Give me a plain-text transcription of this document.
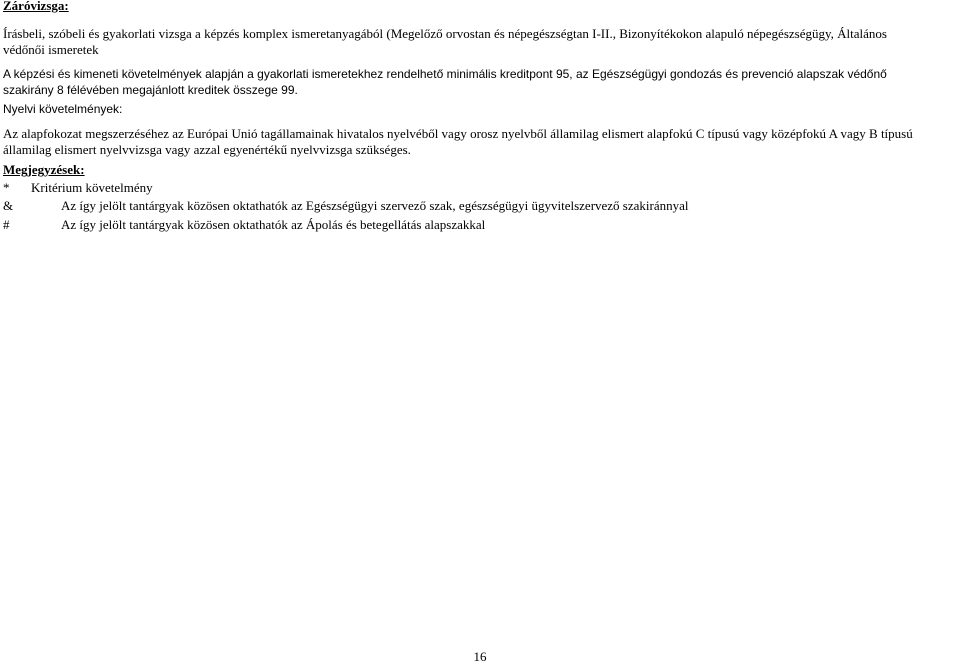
Záróvizsga:
Írásbeli, szóbeli és gyakorlati vizsga a képzés komplex ismeretanyagából (Megelőző orvostan és népegészségtan I-II., Bizonyítékokon alapuló népegészségügy, Általános
védőnői ismeretek
A képzési és kimeneti követelmények alapján a gyakorlati ismeretekhez rendelhető minimális kreditpont 95, az Egészségügyi gondozás és prevenció alapszak védőnő
szakirány 8 félévében megajánlott kreditek összege 99.
Nyelvi követelmények:
Az alapfokozat megszerzéséhez az Európai Unió tagállamainak hivatalos nyelvéből vagy orosz nyelvből államilag elismert alapfokú C típusú vagy középfokú A vagy B típusú
államilag elismert nyelvvizsga vagy azzal egyenértékű nyelvvizsga szükséges.
Megjegyzések:
* Kritérium követelmény
&	Az így jelölt tantárgyak közösen oktathatók az Egészségügyi szervező szak, egészségügyi ügyvitelszervező szakiránnyal
#	Az így jelölt tantárgyak közösen oktathatók az Ápolás és betegellátás alapszakkal
16
